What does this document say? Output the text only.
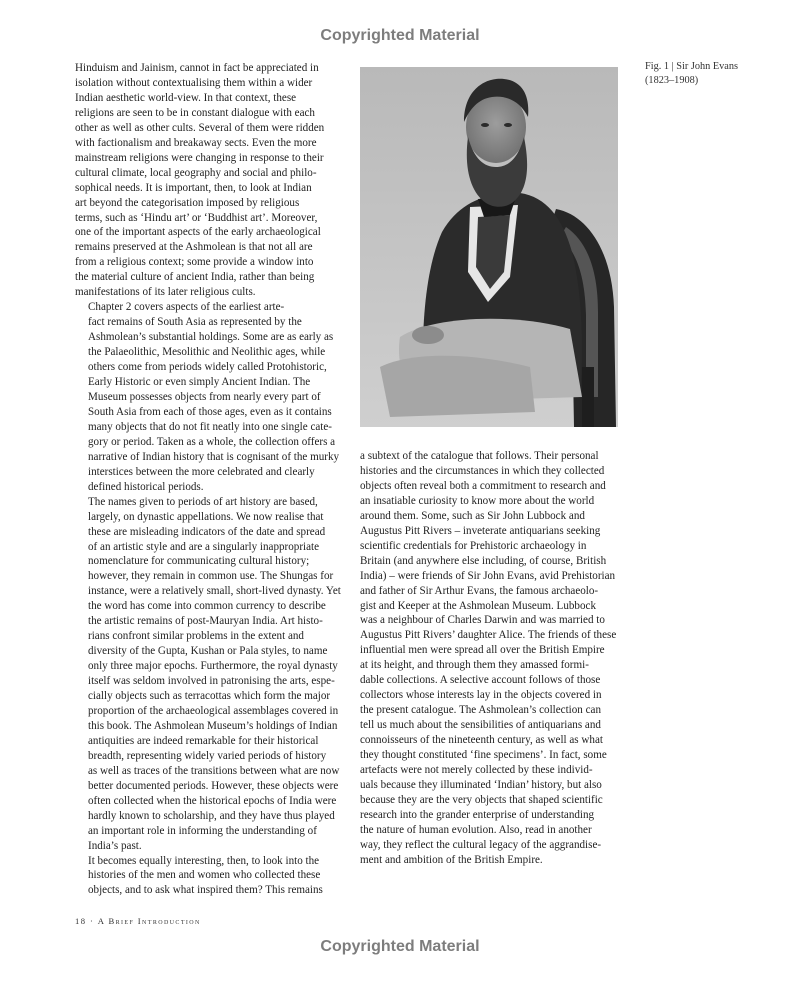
Copyrighted Material

Hinduism and Jainism, cannot in fact be appreciated in
isolation without contextualising them within a wider
Indian aesthetic world-view. In that context, these
religions are seen to be in constant dialogue with each
other as well as other cults. Several of them were ridden
with factionalism and breakaway sects. Even the more
mainstream religions were changing in response to their
cultural climate, local geography and social and philo-
sophical needs. It is important, then, to look at Indian
art beyond the categorisation imposed by religious
terms, such as ‘Hindu art’ or ‘Buddhist art’. Moreover,
one of the important aspects of the early archaeological
remains preserved at the Ashmolean is that not all are
from a religious context; some provide a window into
the material culture of ancient India, rather than being
manifestations of its later religious cults.

Chapter 2 covers aspects of the earliest arte-
fact remains of South Asia as represented by the
Ashmolean’s substantial holdings. Some are as early as
the Palaeolithic, Mesolithic and Neolithic ages, while
others come from periods widely called Protohistoric,
Early Historic or even simply Ancient Indian. The
Museum possesses objects from nearly every part of
South Asia from each of those ages, even as it contains
many objects that do not fit neatly into one single cate-
gory or period. Taken as a whole, the collection offers a
narrative of Indian history that is cognisant of the murky
interstices between the more celebrated and clearly
defined historical periods.

The names given to periods of art history are based,
largely, on dynastic appellations. We now realise that
these are misleading indicators of the date and spread
of an artistic style and are a singularly inappropriate
nomenclature for communicating cultural history;
however, they remain in common use. The Shungas for
instance, were a relatively small, short-lived dynasty. Yet
the word has come into common currency to describe
the artistic remains of post-Mauryan India. Art histo-
rians confront similar problems in the extent and
diversity of the Gupta, Kushan or Pala styles, to name
only three major epochs. Furthermore, the royal dynasty
itself was seldom involved in patronising the arts, espe-
cially objects such as terracottas which form the major
proportion of the archaeological assemblages covered in
this book. The Ashmolean Museum’s holdings of Indian
antiquities are indeed remarkable for their historical
breadth, representing widely varied periods of history
as well as traces of the transitions between what are now
better documented periods. However, these objects were
often collected when the historical epochs of India were
hardly known to scholarship, and they have thus played
an important role in informing the understanding of
India’s past.

It becomes equally interesting, then, to look into the
histories of the men and women who collected these
objects, and to ask what inspired them? This remains

Fig. 1 | Sir John Evans
(1823–1908)

a subtext of the catalogue that follows. Their personal
histories and the circumstances in which they collected
objects often reveal both a commitment to research and
an insatiable curiosity to know more about the world
around them. Some, such as Sir John Lubbock and
Augustus Pitt Rivers – inveterate antiquarians seeking
scientific credentials for Prehistoric archaeology in
Britain (and anywhere else including, of course, British
India) – were friends of Sir John Evans, avid Prehistorian
and father of Sir Arthur Evans, the famous archaeolo-
gist and Keeper at the Ashmolean Museum. Lubbock
was a neighbour of Charles Darwin and was married to
Augustus Pitt Rivers’ daughter Alice. The friends of these
influential men were spread all over the British Empire
at its height, and through them they amassed formi-
dable collections. A selective account follows of those
collectors whose interests lay in the objects covered in
the present catalogue. The Ashmolean’s collection can
tell us much about the sensibilities of antiquarians and
connoisseurs of the nineteenth century, as well as what
they thought constituted ‘fine specimens’. In fact, some
artefacts were not merely collected by these individ-
uals because they illuminated ‘Indian’ history, but also
because they are the very objects that shaped scientific
research into the grander enterprise of understanding
the nature of human evolution. Also, read in another
way, they reflect the cultural legacy of the aggrandise-
ment and ambition of the British Empire.

18 · A Brief Introduction
Copyrighted Material
